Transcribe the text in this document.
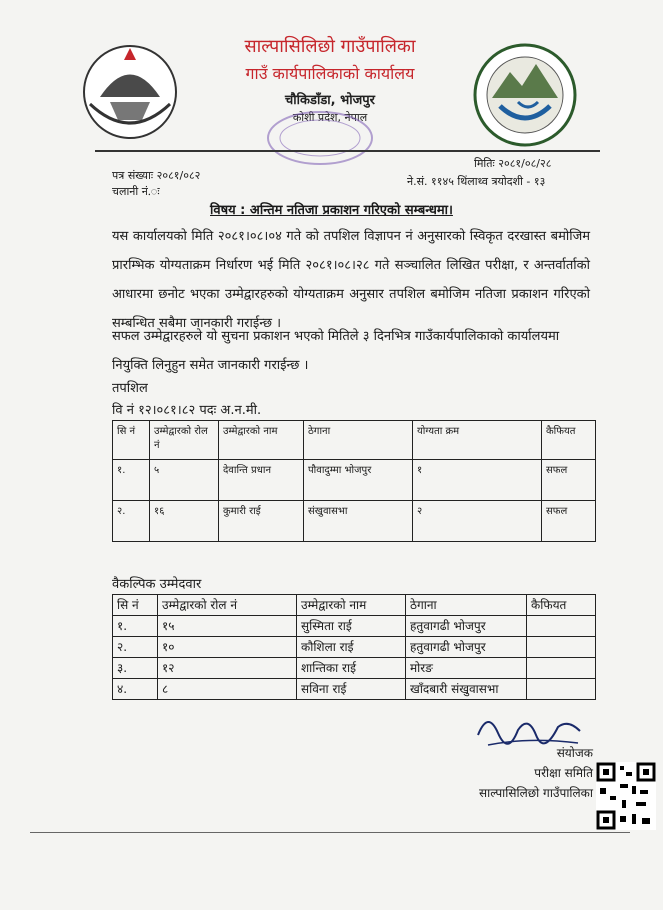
साल्पासिलिछो गाउँपालिका
गाउँ कार्यपालिकाको कार्यालय
चौकिडाँडा, भोजपुर
कोशी प्रदेश, नेपाल
पत्र संख्याः २०८१/०८२
चलानी नं.ः
मितिः २०८१/०८/२८
ने.सं. ११४५ थिंलाथ्व त्रयोदशी - १३
विषय : अन्तिम नतिजा प्रकाशन गरिएको सम्बन्धमा।
यस कार्यालयको मिति २०८१।०८।०४ गते को तपशिल विज्ञापन नं अनुसारको स्विकृत दरखास्त बमोजिम प्रारम्भिक योग्यताक्रम निर्धारण भई मिति २०८१।०८।२८ गते सञ्चालित लिखित परीक्षा, र अन्तर्वार्ताको आधारमा छनोट भएका उम्मेद्वारहरुको योग्यताक्रम अनुसार तपशिल बमोजिम नतिजा प्रकाशन गरिएको सम्बन्धित सबैमा जानकारी गराईन्छ ।
सफल उम्मेद्वारहरुले यो सुचना प्रकाशन भएको मितिले ३ दिनभित्र गाउँकार्यपालिकाको कार्यालयमा नियुक्ति लिनुहुन समेत जानकारी गराईन्छ ।
तपशिल
वि नं १२।०८१।८२ पदः अ.न.मी.
सि नं	उम्मेद्वारको रोल नं	उम्मेद्वारको नाम	ठेगाना	योग्यता क्रम	कैफियत
१.	५	देवान्ति प्रधान	पौवादुम्मा भोजपुर	१	सफल
२.	१६	कुमारी राई	संखुवासभा	२	सफल
वैकल्पिक उम्मेदवार
सि नं	उम्मेद्वारको रोल नं	उम्मेद्वारको नाम	ठेगाना	कैफियत
१.	१५	सुस्मिता राई	हतुवागढी भोजपुर	
२.	१०	कौशिला राई	हतुवागढी भोजपुर	
३.	१२	शान्तिका राई	मोरङ	
४.	८	सविना राई	खाँदबारी संखुवासभा	
संयोजक
परीक्षा समिति
साल्पासिलिछो गाउँपालिका
